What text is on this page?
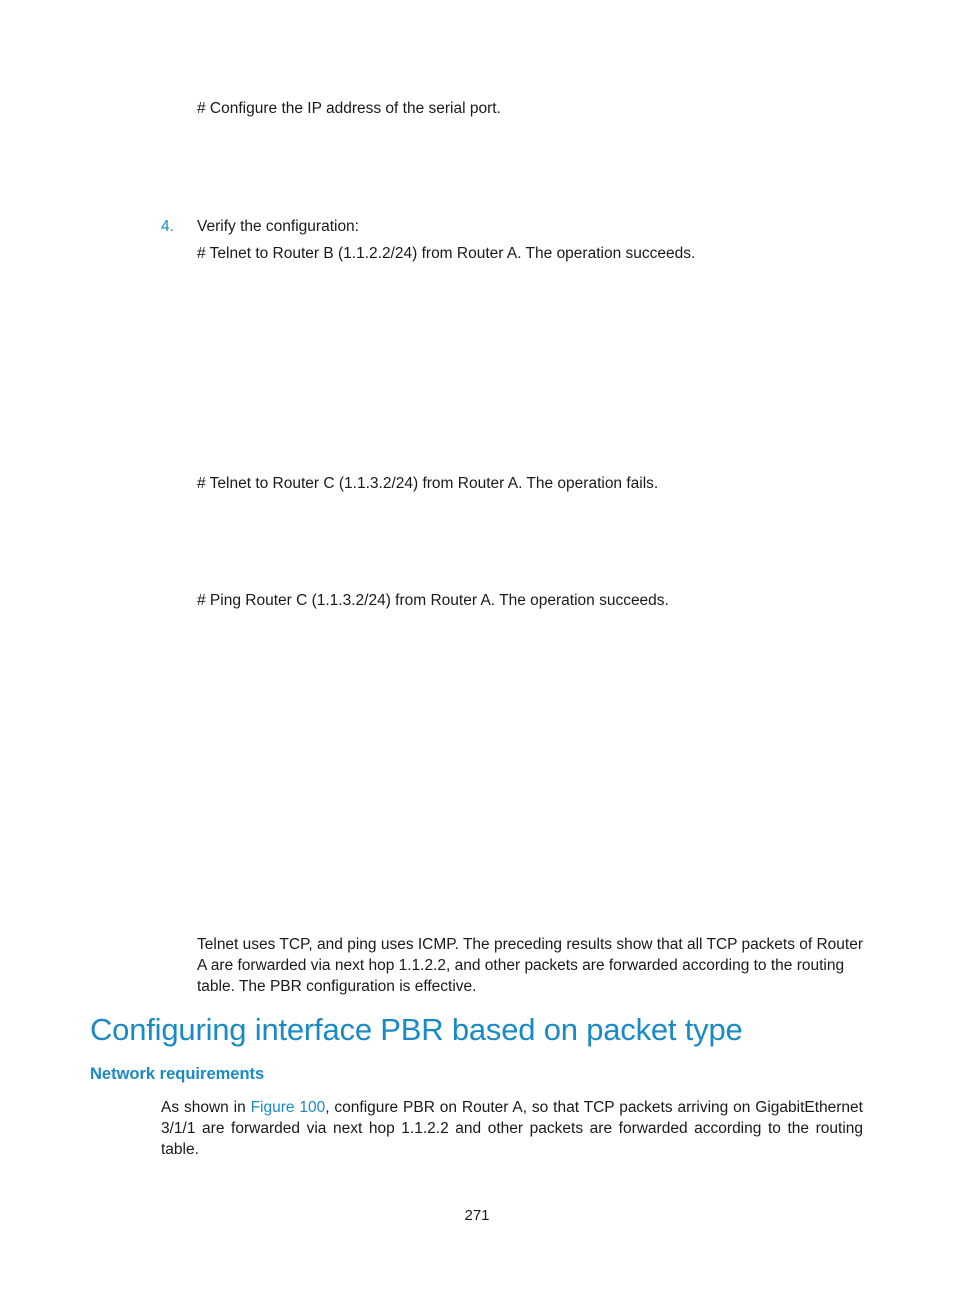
# Configure the IP address of the serial port.
4. Verify the configuration:
# Telnet to Router B (1.1.2.2/24) from Router A. The operation succeeds.
# Telnet to Router C (1.1.3.2/24) from Router A. The operation fails.
# Ping Router C (1.1.3.2/24) from Router A. The operation succeeds.
Telnet uses TCP, and ping uses ICMP. The preceding results show that all TCP packets of Router A are forwarded via next hop 1.1.2.2, and other packets are forwarded according to the routing table. The PBR configuration is effective.
Configuring interface PBR based on packet type
Network requirements
As shown in Figure 100, configure PBR on Router A, so that TCP packets arriving on GigabitEthernet 3/1/1 are forwarded via next hop 1.1.2.2 and other packets are forwarded according to the routing table.
271
